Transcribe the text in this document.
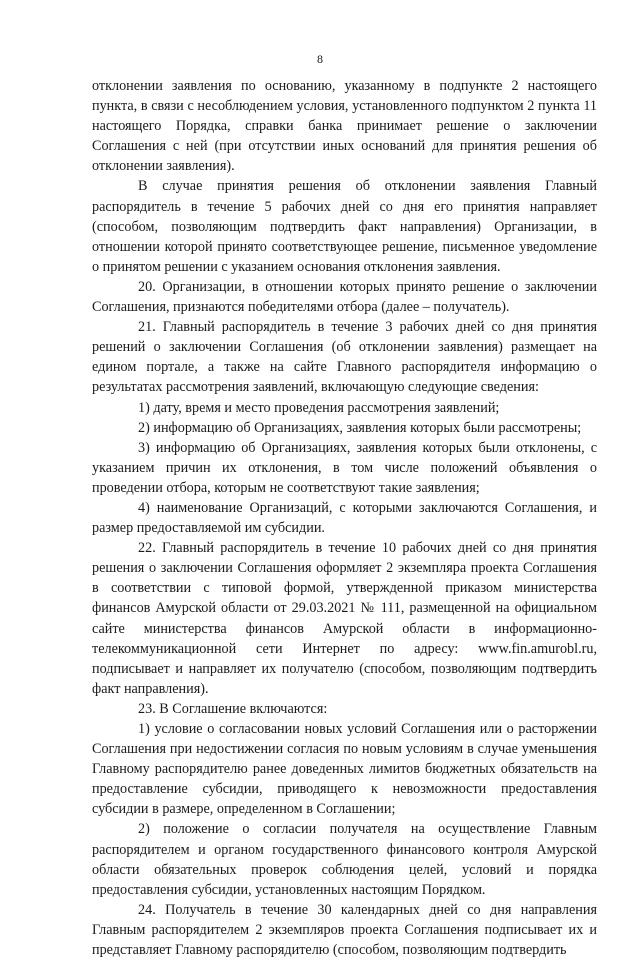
8

отклонении заявления по основанию, указанному в подпункте 2 настоящего пункта, в связи с несоблюдением условия, установленного подпунктом 2 пункта 11 настоящего Порядка, справки банка принимает решение о заключении Соглашения с ней (при отсутствии иных оснований для принятия решения об отклонении заявления).

В случае принятия решения об отклонении заявления Главный распорядитель в течение 5 рабочих дней со дня его принятия направляет (способом, позволяющим подтвердить факт направления) Организации, в отношении которой принято соответствующее решение, письменное уведомление о принятом решении с указанием основания отклонения заявления.

20. Организации, в отношении которых принято решение о заключении Соглашения, признаются победителями отбора (далее – получатель).

21. Главный распорядитель в течение 3 рабочих дней со дня принятия решений о заключении Соглашения (об отклонении заявления) размещает на едином портале, а также на сайте Главного распорядителя информацию о результатах рассмотрения заявлений, включающую следующие сведения:

1) дату, время и место проведения рассмотрения заявлений;

2) информацию об Организациях, заявления которых были рассмотрены;

3) информацию об Организациях, заявления которых были отклонены, с указанием причин их отклонения, в том числе положений объявления о проведении отбора, которым не соответствуют такие заявления;

4) наименование Организаций, с которыми заключаются Соглашения, и размер предоставляемой им субсидии.

22. Главный распорядитель в течение 10 рабочих дней со дня принятия решения о заключении Соглашения оформляет 2 экземпляра проекта Соглашения в соответствии с типовой формой, утвержденной приказом министерства финансов Амурской области от 29.03.2021 № 111, размещенной на официальном сайте министерства финансов Амурской области в информационно-телекоммуникационной сети Интернет по адресу: www.fin.amurobl.ru, подписывает и направляет их получателю (способом, позволяющим подтвердить факт направления).

23. В Соглашение включаются:

1) условие о согласовании новых условий Соглашения или о расторжении Соглашения при недостижении согласия по новым условиям в случае уменьшения Главному распорядителю ранее доведенных лимитов бюджетных обязательств на предоставление субсидии, приводящего к невозможности предоставления субсидии в размере, определенном в Соглашении;

2) положение о согласии получателя на осуществление Главным распорядителем и органом государственного финансового контроля Амурской области обязательных проверок соблюдения целей, условий и порядка предоставления субсидии, установленных настоящим Порядком.

24. Получатель в течение 30 календарных дней со дня направления Главным распорядителем 2 экземпляров проекта Соглашения подписывает их и представляет Главному распорядителю (способом, позволяющим подтвердить
